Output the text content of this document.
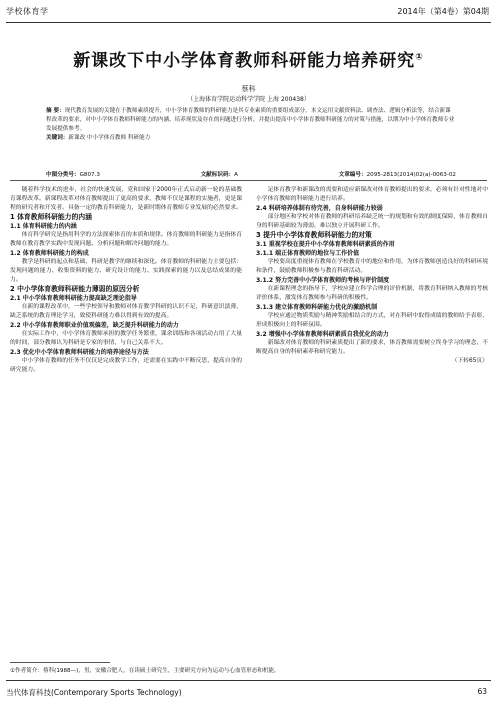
学校体育学	2014年（第4卷）第04期
新课改下中小学体育教师科研能力培养研究①
蔡科
（上海体育学院运动科学学院 上海 200438）
摘 要：现代教育发展的关键在于教师素质提升，中小学体育教师的科研能力是其专业素质的重要组成部分。本文运用文献资料法、调查法、逻辑分析法等，结合新课程改革的要求，对中小学体育教师科研能力的内涵、培养现状及存在的问题进行分析，并提出提高中小学体育教师科研能力的对策与措施，以期为中小学体育教师专业发展提供参考。
关键词：新课改 中小学体育教师 科研能力
中图分类号：G807.3	文献标识码：A	文章编号：2095-2813(2014)02(a)-0063-02

随着科学技术的进步、社会的快速发展，党和国家于2000年正式启动新一轮的基础教育课程改革。新课程改革对体育教师提出了更高的要求，教师不仅是课程的实施者，更是课程的研究者和开发者。具备一定的教育科研能力，是新时期体育教师专业发展的必然要求。

1 体育教师科研能力的内涵

1.1 体育科研能力的内涵

体育科学研究是指用科学的方法探索体育的本质和规律。体育教师的科研能力是指体育教师在教育教学实践中发现问题、分析问题和解决问题的能力。

1.2 体育教师科研能力的构成

教学是科研的起点和基础，科研是教学的继续和深化。体育教师的科研能力主要包括：发现问题的能力、收集资料的能力、研究设计的能力、实践探索的能力以及总结成果的能力。

2 中小学体育教师科研能力薄弱的原因分析

2.1 中小学体育教师科研能力提高缺乏理论指导

在新的课程改革中，一些学校领导和教师对体育教学科研的认识不足，科研意识淡薄，缺乏系统的教育理论学习，致使科研能力难以得到有效的提高。

2.2 中小学体育教师职业价值观偏差，缺乏提升科研能力的动力

在实际工作中，中小学体育教师承担的教学任务繁重，课余训练和各项活动占用了大量的时间，部分教师认为科研是专家的事情，与自己关系不大。

2.3 优化中小学体育教师科研能力的培养途径与方法

中小学体育教师的任务不仅仅是完成教学工作，还需要在实践中不断反思，提高自身的研究能力。

足体育教学和新课改的需要和适应新课改对体育教师提出的要求，必须有针对性地对中小学体育教师的科研能力进行培养。

2.4 科研培养体制有待完善，自身科研能力较弱

部分地区和学校对体育教师的科研培养缺乏统一的规划和有效的制度保障，体育教师自身的科研基础较为薄弱，难以独立开展科研工作。

3 提升中小学体育教师科研能力的对策

3.1 重视学校在提升中小学体育教师科研素质的作用

3.1.1 端正体育教师的地位与工作价值

学校要高度重视体育教师在学校教育中的地位和作用，为体育教师创造良好的科研环境和条件，鼓励教师积极参与教育科研活动。

3.1.2 努力完善中小学体育教师的考核与评价制度

在新课程理念的指导下，学校应建立科学合理的评价机制，将教育科研纳入教师的考核评价体系，激发体育教师参与科研的积极性。

3.1.3 建立体育教师科研能力优化的激励机制

学校应通过物质奖励与精神奖励相结合的方式，对在科研中取得成绩的教师给予表彰，形成积极向上的科研氛围。

3.2 增强中小学体育教师科研素质自我优化的动力

新课改对体育教师的科研素质提出了新的要求，体育教师需要树立终身学习的理念，不断提高自身的科研素养和研究能力。

（下转65页）
①作者简介：蔡科(1988—)，男，安徽合肥人，在读硕士研究生，主要研究方向为运动与心血管形态和机能。
当代体育科技(Contemporary Sports Technology)	63
